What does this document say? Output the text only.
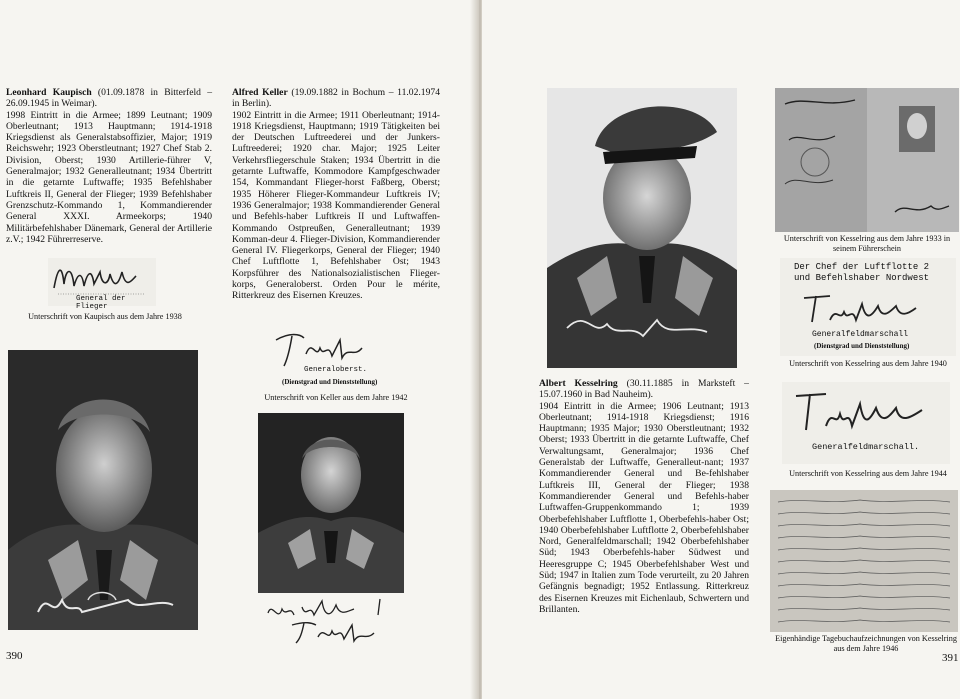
Leonhard Kaupisch (01.09.1878 in Bitterfeld – 26.09.1945 in Weimar).
1998 Eintritt in die Armee; 1899 Leutnant; 1909 Oberleutnant; 1913 Hauptmann; 1914-1918 Kriegsdienst als Generalstabsoffizier, Major; 1919 Reichswehr; 1923 Oberstleutnant; 1927 Chef Stab 2. Division, Oberst; 1930 Artillerie-führer V, Generalmajor; 1932 Generalleutnant; 1934 Übertritt in die getarnte Luftwaffe; 1935 Befehlshaber Luftkreis II, General der Flieger; 1939 Befehlshaber Grenzschutz-Kommando 1, Kommandierender General XXXI. Armeekorps; 1940 Militärbefehlshaber Dänemark, General der Artillerie z.V.; 1942 Führerreserve.
General der Flieger
Unterschrift von Kaupisch aus dem Jahre 1938
Alfred Keller (19.09.1882 in Bochum – 11.02.1974 in Berlin).
1902 Eintritt in die Armee; 1911 Oberleutnant; 1914-1918 Kriegsdienst, Hauptmann; 1919 Tätigkeiten bei der Deutschen Luftreederei und der Junkers-Luftreederei; 1920 char. Major; 1925 Leiter Verkehrsfliegerschule Staken; 1934 Übertritt in die getarnte Luftwaffe, Kommodore Kampfgeschwader 154, Kommandant Flieger-horst Faßberg, Oberst; 1935 Höherer Flieger-Kommandeur Luftkreis IV; 1936 Generalmajor; 1938 Kommandierender General und Befehls-haber Luftkreis II und Luftwaffen-Kommando Ostpreußen, Generalleutnant; 1939 Komman-deur 4. Flieger-Division, Kommandierender General IV. Fliegerkorps, General der Flieger; 1940 Chef Luftflotte 1, Befehlshaber Ost; 1943 Korpsführer des Nationalsozialistischen Flieger-korps, Generaloberst. Orden Pour le mérite, Ritterkreuz des Eisernen Kreuzes.
Generaloberst.
(Dienstgrad und Dienststellung)
Unterschrift von Keller aus dem Jahre 1942
390
Albert Kesselring (30.11.1885 in Marksteft – 15.07.1960 in Bad Nauheim).
1904 Eintritt in die Armee; 1906 Leutnant; 1913 Oberleutnant; 1914-1918 Kriegsdienst; 1916 Hauptmann; 1935 Major; 1930 Oberstleutnant; 1932 Oberst; 1933 Übertritt in die getarnte Luftwaffe, Chef Verwaltungsamt, Generalmajor; 1936 Chef Generalstab der Luftwaffe, Generalleut-nant; 1937 Kommandierender General und Be-fehlshaber Luftkreis III, General der Flieger; 1938 Kommandierender General und Befehls-haber Luftwaffen-Gruppenkommando 1; 1939 Oberbefehlshaber Luftflotte 1, Oberbefehls-haber Ost; 1940 Oberbefehlshaber Luftflotte 2, Oberbefehlshaber Nord, Generalfeldmarschall; 1942 Oberbefehlshaber Süd; 1943 Oberbefehls-haber Südwest und Heeresgruppe C; 1945 Oberbefehlshaber West und Süd; 1947 in Italien zum Tode verurteilt, zu 20 Jahren Gefängnis begnadigt; 1952 Entlassung. Ritterkreuz des Eisernen Kreuzes mit Eichenlaub, Schwertern und Brillanten.
Unterschrift von Kesselring aus dem Jahre 1933 in seinem Führerschein
Der Chef der Luftflotte 2
und Befehlshaber Nordwest
Generalfeldmarschall
(Dienstgrad und Dienststellung)
Unterschrift von Kesselring aus dem Jahre 1940
Generalfeldmarschall.
Unterschrift von Kesselring aus dem Jahre 1944
Eigenhändige Tagebuchaufzeichnungen von Kesselring aus dem Jahre 1946
391
